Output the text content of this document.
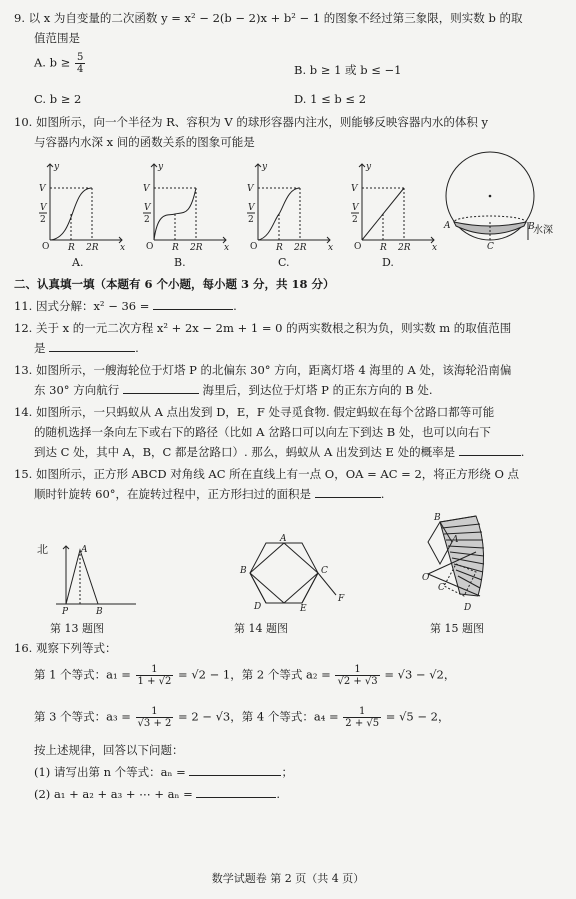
9. 以 x 为自变量的二次函数 y = x² − 2(b − 2)x + b² − 1 的图象不经过第三象限，则实数 b 的取
值范围是
A. $b \ge \frac{5}{4}$	B. b ≥ 1 或 b ≤ −1
C. b ≥ 2	D. 1 ≤ b ≤ 2
10. 如图所示，向一个半径为 R、容积为 V 的球形容器内注水，则能够反映容器内水的体积 y
与容器内水深 x 间的函数关系的图象可能是
y
V
V
2
O R 2R x
A.
y
V
V
2
O R 2R x
B.
y
V
V
2
O R 2R x
C.
y
V
V
2
O R 2R x
D.
A	B
C
水深
二、认真填一填（本题有 6 个小题，每小题 3 分，共 18 分）
11. 因式分解：x² − 36 =	.
12. 关于 x 的一元二次方程 x² + 2x − 2m + 1 = 0 的两实数根之积为负，则实数 m 的取值范围
是	.
13. 如图所示，一艘海轮位于灯塔 P 的北偏东 30° 方向，距离灯塔 4 海里的 A 处，该海轮沿南偏
东 30° 方向航行	海里后，到达位于灯塔 P 的正东方向的 B 处.
14. 如图所示，一只蚂蚁从 A 点出发到 D，E，F 处寻觅食物. 假定蚂蚁在每个岔路口都等可能
的随机选择一条向左下或右下的路径（比如 A 岔路口可以向左下到达 B 处，也可以向右下
到达 C 处，其中 A，B，C 都是岔路口）. 那么，蚂蚁从 A 出发到达 E 处的概率是	.
15. 如图所示，正方形 ABCD 对角线 AC 所在直线上有一点 O，OA = AC = 2，将正方形绕 O 点
顺时针旋转 60°，在旋转过程中，正方形扫过的面积是	.
A
P	B
北
第 13 题图
A
B	C
D	E
F
第 14 题图
B
A
O
C
D
第 15 题图
16. 观察下列等式：
第 1 个等式：$a_1 = \frac{1}{1 + √2} = √2 - 1$，第 2 个等式 $a_2 = \frac{1}{√2 + √3} = √3 - √2$，
第 3 个等式：$a_3 = \frac{1}{√3 + 2} = 2 - √3$，第 4 个等式：$a_4 = \frac{1}{2 + √5} = √5 - 2$，
按上述规律，回答以下问题：
(1) 请写出第 n 个等式：aₙ =	；
(2) a₁ + a₂ + a₃ + ⋯ + aₙ =	.
数学试题卷 第 2 页（共 4 页）
